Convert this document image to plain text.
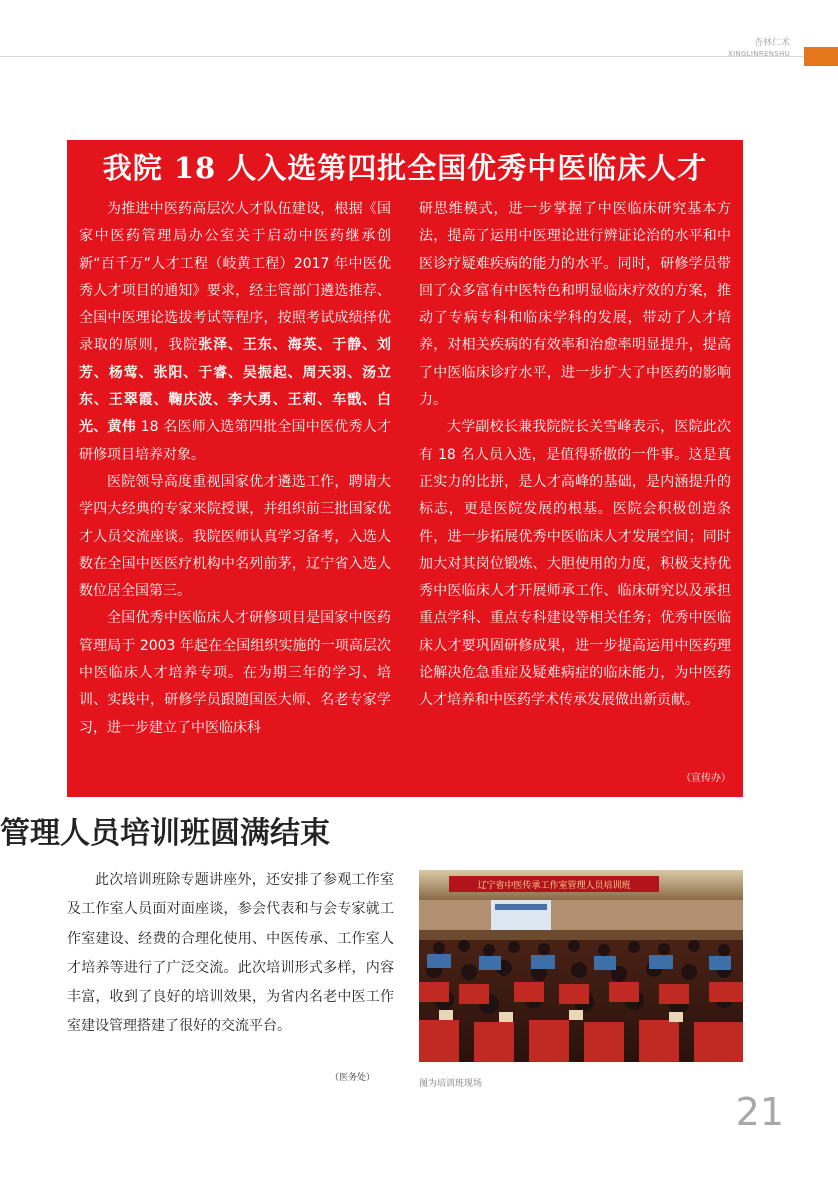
杏林仁术
XINGLINRENSHU
我院 18 人入选第四批全国优秀中医临床人才

为推进中医药高层次人才队伍建设，根据《国家中医药管理局办公室关于启动中医药继承创新“百千万”人才工程（岐黄工程）2017 年中医优秀人才项目的通知》要求，经主管部门遴选推荐、全国中医理论选拔考试等程序，按照考试成绩择优录取的原则，我院张泽、王东、海英、于静、刘芳、杨莺、张阳、于睿、吴振起、周天羽、汤立东、王翠霞、鞠庆波、李大勇、王莉、车戬、白光、黄伟 18 名医师入选第四批全国中医优秀人才研修项目培养对象。

医院领导高度重视国家优才遴选工作，聘请大学四大经典的专家来院授课，并组织前三批国家优才人员交流座谈。我院医师认真学习备考，入选人数在全国中医医疗机构中名列前茅，辽宁省入选人数位居全国第三。

全国优秀中医临床人才研修项目是国家中医药管理局于 2003 年起在全国组织实施的一项高层次中医临床人才培养专项。在为期三年的学习、培训、实践中，研修学员跟随国医大师、名老专家学习，进一步建立了中医临床科

研思维模式，进一步掌握了中医临床研究基本方法，提高了运用中医理论进行辨证论治的水平和中医诊疗疑难疾病的能力的水平。同时，研修学员带回了众多富有中医特色和明显临床疗效的方案，推动了专病专科和临床学科的发展，带动了人才培养，对相关疾病的有效率和治愈率明显提升，提高了中医临床诊疗水平，进一步扩大了中医药的影响力。

大学副校长兼我院院长关雪峰表示，医院此次有 18 名人员入选，是值得骄傲的一件事。这是真正实力的比拼，是人才高峰的基础，是内涵提升的标志，更是医院发展的根基。医院会积极创造条件，进一步拓展优秀中医临床人才发展空间；同时加大对其岗位锻炼、大胆使用的力度，积极支持优秀中医临床人才开展师承工作、临床研究以及承担重点学科、重点专科建设等相关任务；优秀中医临床人才要巩固研修成果，进一步提高运用中医药理论解决危急重症及疑难病症的临床能力，为中医药人才培养和中医药学术传承发展做出新贡献。

（宣传办）
管理人员培训班圆满结束

此次培训班除专题讲座外，还安排了参观工作室及工作室人员面对面座谈，参会代表和与会专家就工作室建设、经费的合理化使用、中医传承、工作室人才培养等进行了广泛交流。此次培训形式多样，内容丰富，收到了良好的培训效果，为省内名老中医工作室建设管理搭建了很好的交流平台。

（医务处）
辽宁省中医传承工作室管理人员培训班
图为培训班现场
21
